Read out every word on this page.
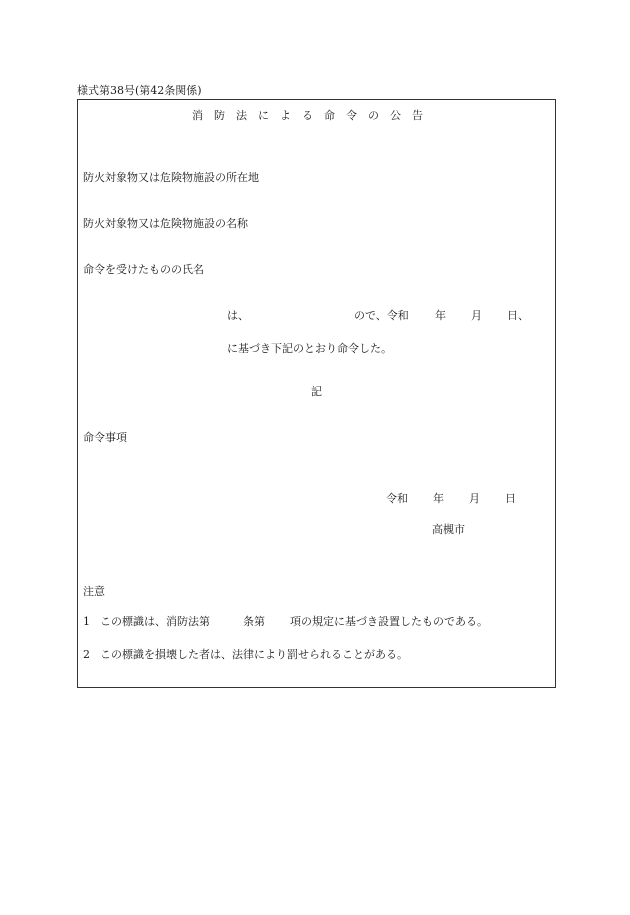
様式第38号(第42条関係)
消防法による命令の公告
防火対象物又は危険物施設の所在地
防火対象物又は危険物施設の名称
命令を受けたものの氏名
は、	ので、令和 年 月 日、
に基づき下記のとおり命令した。
記
命令事項
令和 年 月 日
高槻市
注意
1 この標識は、消防法第	条第 項の規定に基づき設置したものである。
2 この標識を損壊した者は、法律により罰せられることがある。
